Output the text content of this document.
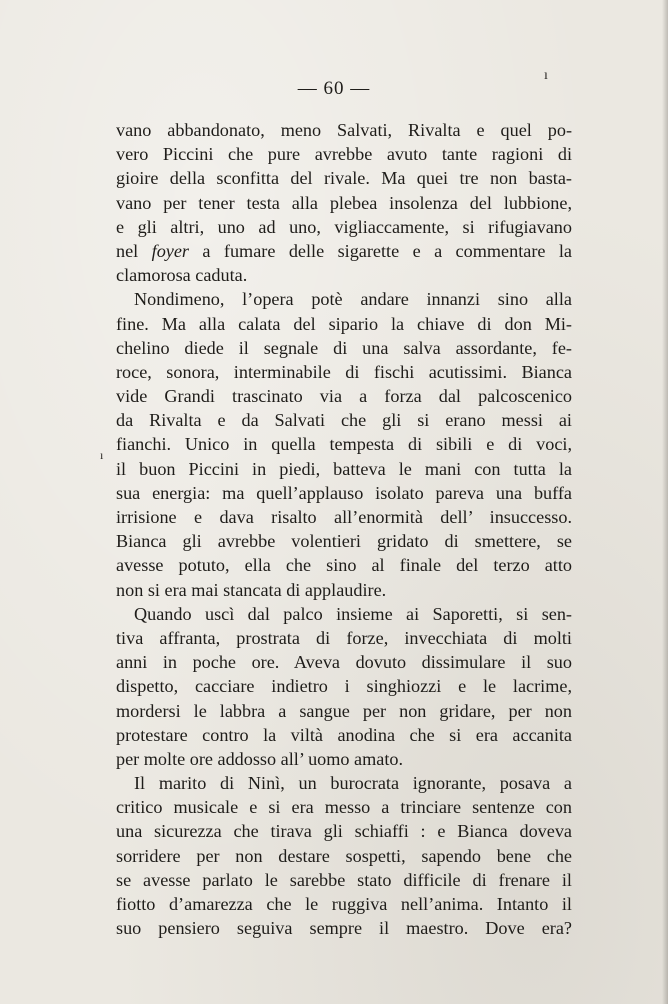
— 60 —
ı
ı
vano abbandonato, meno Salvati, Rivalta e quel po-
vero Piccini che pure avrebbe avuto tante ragioni di
gioire della sconfitta del rivale. Ma quei tre non basta-
vano per tener testa alla plebea insolenza del lubbione,
e gli altri, uno ad uno, vigliaccamente, si rifugiavano
nel foyer a fumare delle sigarette e a commentare la
clamorosa caduta.
Nondimeno, l’opera potè andare innanzi sino alla
fine. Ma alla calata del sipario la chiave di don Mi-
chelino diede il segnale di una salva assordante, fe-
roce, sonora, interminabile di fischi acutissimi. Bianca
vide Grandi trascinato via a forza dal palcoscenico
da Rivalta e da Salvati che gli si erano messi ai
fianchi. Unico in quella tempesta di sibili e di voci,
il buon Piccini in piedi, batteva le mani con tutta la
sua energia: ma quell’applauso isolato pareva una buffa
irrisione e dava risalto all’enormità dell’ insuccesso.
Bianca gli avrebbe volentieri gridato di smettere, se
avesse potuto, ella che sino al finale del terzo atto
non si era mai stancata di applaudire.
Quando uscì dal palco insieme ai Saporetti, si sen-
tiva affranta, prostrata di forze, invecchiata di molti
anni in poche ore. Aveva dovuto dissimulare il suo
dispetto, cacciare indietro i singhiozzi e le lacrime,
mordersi le labbra a sangue per non gridare, per non
protestare contro la viltà anodina che si era accanita
per molte ore addosso all’ uomo amato.
Il marito di Ninì, un burocrata ignorante, posava a
critico musicale e si era messo a trinciare sentenze con
una sicurezza che tirava gli schiaffi : e Bianca doveva
sorridere per non destare sospetti, sapendo bene che
se avesse parlato le sarebbe stato difficile di frenare il
fiotto d’amarezza che le ruggiva nell’anima. Intanto il
suo pensiero seguiva sempre il maestro. Dove era?
